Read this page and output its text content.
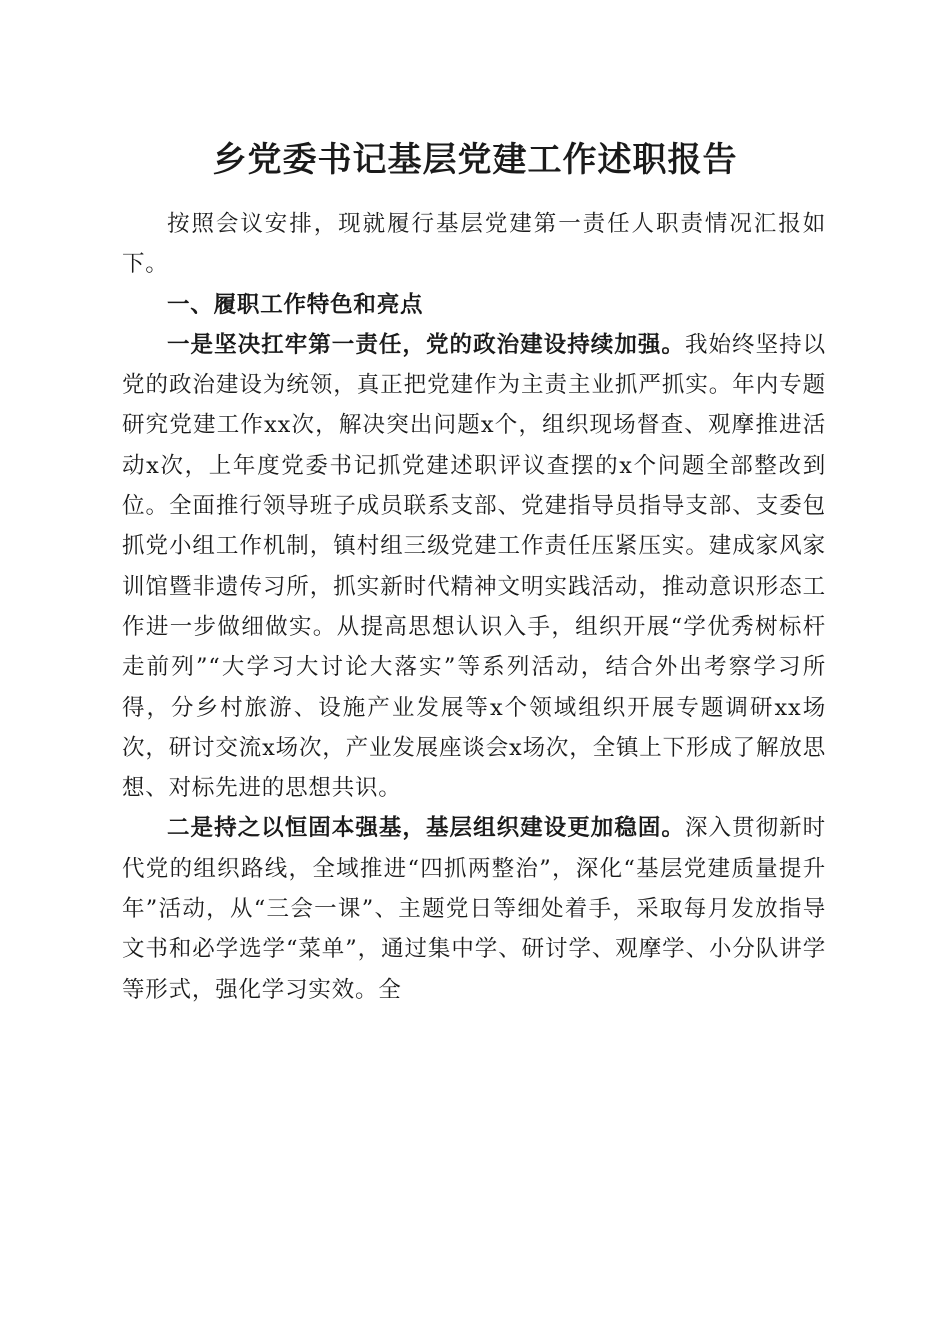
乡党委书记基层党建工作述职报告

按照会议安排，现就履行基层党建第一责任人职责情况汇报如下。

一、履职工作特色和亮点

一是坚决扛牢第一责任，党的政治建设持续加强。我始终坚持以党的政治建设为统领，真正把党建作为主责主业抓严抓实。年内专题研究党建工作xx次，解决突出问题x个，组织现场督查、观摩推进活动x次，上年度党委书记抓党建述职评议查摆的x个问题全部整改到位。全面推行领导班子成员联系支部、党建指导员指导支部、支委包抓党小组工作机制，镇村组三级党建工作责任压紧压实。建成家风家训馆暨非遗传习所，抓实新时代精神文明实践活动，推动意识形态工作进一步做细做实。从提高思想认识入手，组织开展“学优秀树标杆走前列”“大学习大讨论大落实”等系列活动，结合外出考察学习所得，分乡村旅游、设施产业发展等x个领域组织开展专题调研xx场次，研讨交流x场次，产业发展座谈会x场次，全镇上下形成了解放思想、对标先进的思想共识。

二是持之以恒固本强基，基层组织建设更加稳固。深入贯彻新时代党的组织路线，全域推进“四抓两整治”，深化“基层党建质量提升年”活动，从“三会一课”、主题党日等细处着手，采取每月发放指导文书和必学选学“菜单”，通过集中学、研讨学、观摩学、小分队讲学等形式，强化学习实效。全
